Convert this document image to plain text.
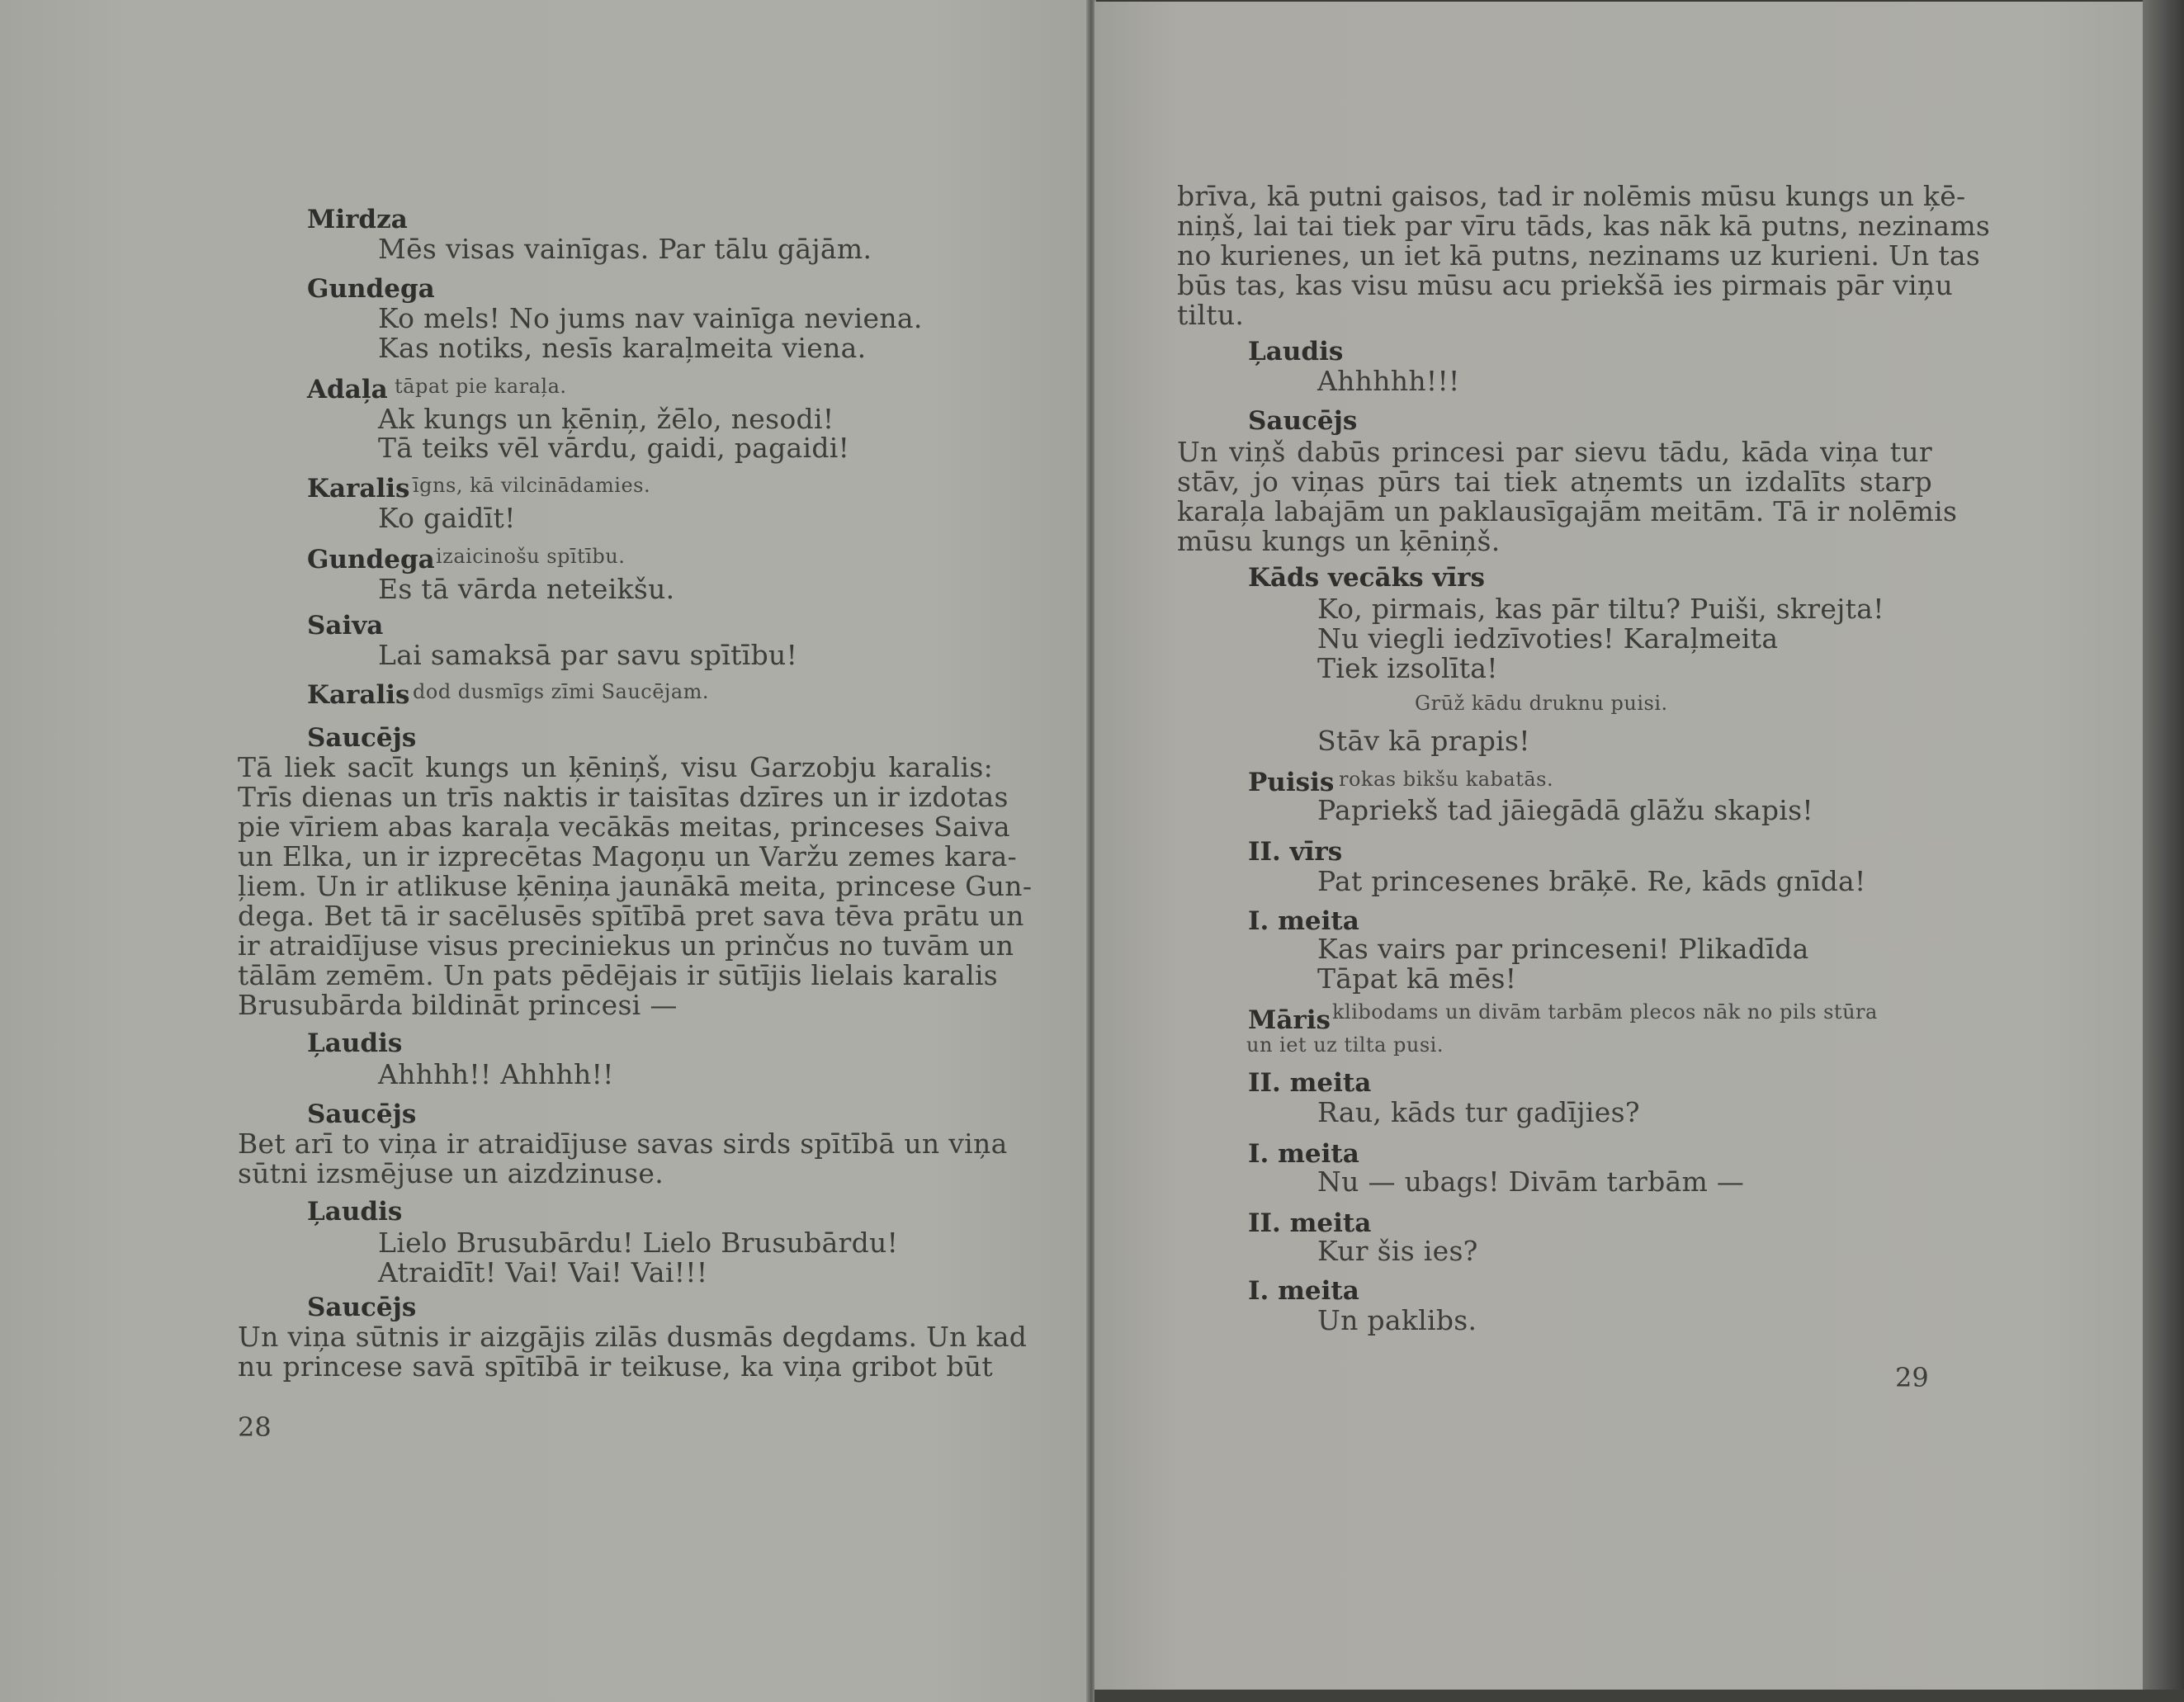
Mirdza
Mēs visas vainīgas. Par tālu gājām.
Gundega
Ko mels! No jums nav vainīga neviena.
Kas notiks, nesīs karaļmeita viena.
Adaļa tāpat pie karaļa.
Ak kungs un ķēniņ, žēlo, nesodi!
Tā teiks vēl vārdu, gaidi, pagaidi!
Karalis īgns, kā vilcinādamies.
Ko gaidīt!
Gundega izaicinošu spītību.
Es tā vārda neteikšu.
Saiva
Lai samaksā par savu spītību!
Karalis dod dusmīgs zīmi Saucējam.
Saucējs
Tā liek sacīt kungs un ķēniņš, visu Garzobju karalis:
Trīs dienas un trīs naktis ir taisītas dzīres un ir izdotas
pie vīriem abas karaļa vecākās meitas, princeses Saiva
un Elka, un ir izprecētas Magoņu un Varžu zemes kara-
ļiem. Un ir atlikuse ķēniņa jaunākā meita, princese Gun-
dega. Bet tā ir sacēlusēs spītībā pret sava tēva prātu un
ir atraidījuse visus preciniekus un prinčus no tuvām un
tālām zemēm. Un pats pēdējais ir sūtījis lielais karalis
Brusubārda bildināt princesi —
Ļaudis
Ahhhh!! Ahhhh!!
Saucējs
Bet arī to viņa ir atraidījuse savas sirds spītībā un viņa
sūtni izsmējuse un aizdzinuse.
Ļaudis
Lielo Brusubārdu! Lielo Brusubārdu!
Atraidīt! Vai! Vai! Vai!!!
Saucējs
Un viņa sūtnis ir aizgājis zilās dusmās degdams. Un kad
nu princese savā spītībā ir teikuse, ka viņa gribot būt
28
brīva, kā putni gaisos, tad ir nolēmis mūsu kungs un ķē-
niņš, lai tai tiek par vīru tāds, kas nāk kā putns, nezinams
no kurienes, un iet kā putns, nezinams uz kurieni. Un tas
būs tas, kas visu mūsu acu priekšā ies pirmais pār viņu
tiltu.
Ļaudis
Ahhhhh!!!
Saucējs
Un viņš dabūs princesi par sievu tādu, kāda viņa tur
stāv, jo viņas pūrs tai tiek atņemts un izdalīts starp
karaļa labajām un paklausīgajām meitām. Tā ir nolēmis
mūsu kungs un ķēniņš.
Kāds vecāks vīrs
Ko, pirmais, kas pār tiltu? Puiši, skrejta!
Nu viegli iedzīvoties! Karaļmeita
Tiek izsolīta!
Grūž kādu druknu puisi.
Stāv kā prapis!
Puisis rokas bikšu kabatās.
Papriekš tad jāiegādā glāžu skapis!
II. vīrs
Pat princesenes brāķē. Re, kāds gnīda!
I. meita
Kas vairs par princeseni! Plikadīda
Tāpat kā mēs!
Māris klibodams un divām tarbām plecos nāk no pils stūra
un iet uz tilta pusi.
II. meita
Rau, kāds tur gadījies?
I. meita
Nu — ubags! Divām tarbām —
II. meita
Kur šis ies?
I. meita
Un paklibs.
29
